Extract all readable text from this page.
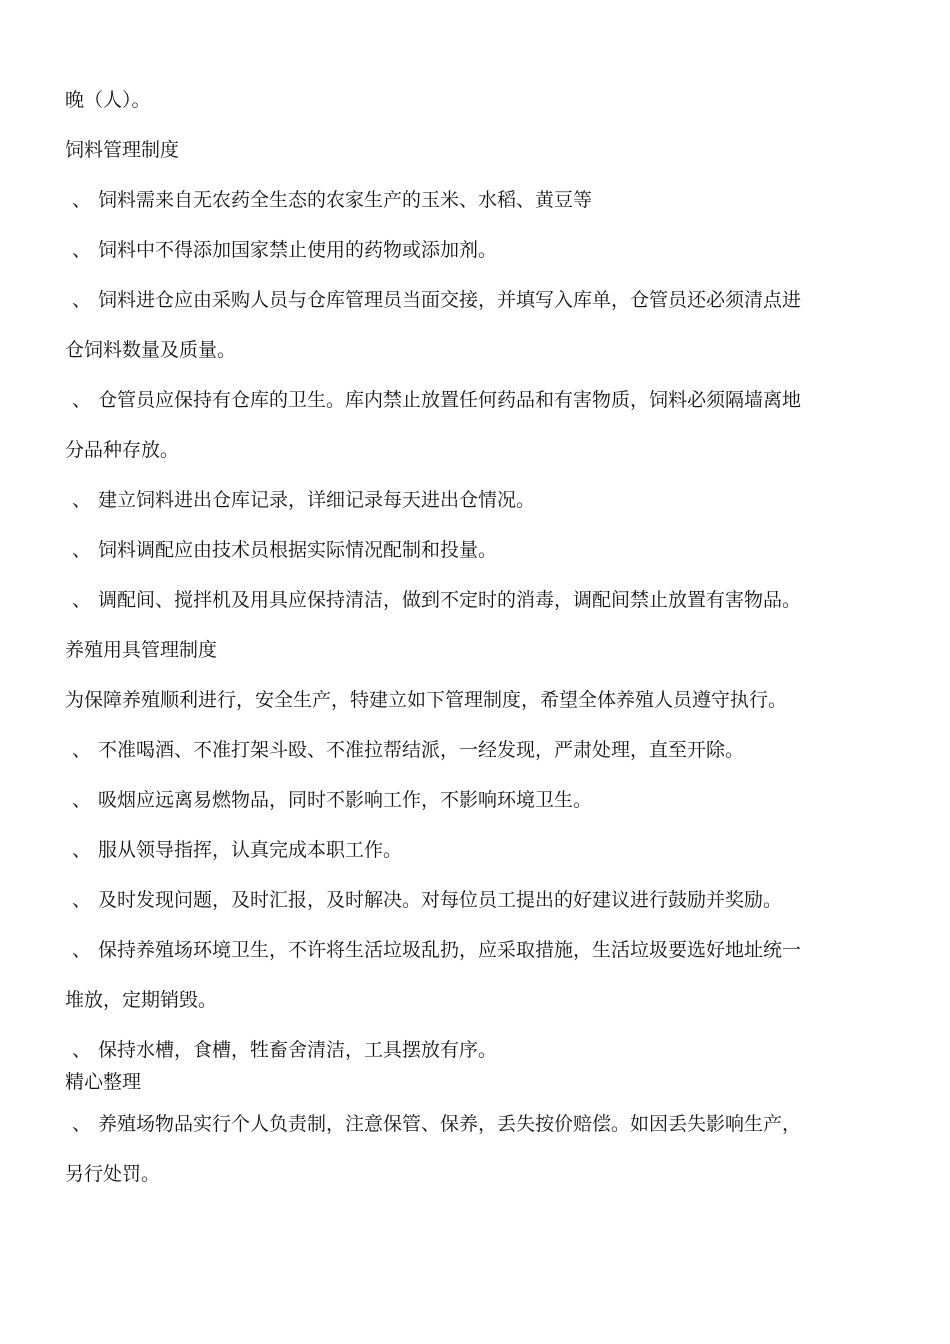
晚（人）。
饲料管理制度
、 饲料需来自无农药全生态的农家生产的玉米、水稻、黄豆等
、 饲料中不得添加国家禁止使用的药物或添加剂。
、 饲料进仓应由采购人员与仓库管理员当面交接，并填写入库单，仓管员还必须清点进
仓饲料数量及质量。
、 仓管员应保持有仓库的卫生。库内禁止放置任何药品和有害物质，饲料必须隔墙离地
分品种存放。
、 建立饲料进出仓库记录，详细记录每天进出仓情况。
、 饲料调配应由技术员根据实际情况配制和投量。
、 调配间、搅拌机及用具应保持清洁，做到不定时的消毒，调配间禁止放置有害物品。
养殖用具管理制度
为保障养殖顺利进行，安全生产，特建立如下管理制度，希望全体养殖人员遵守执行。
、 不准喝酒、不准打架斗殴、不准拉帮结派，一经发现，严肃处理，直至开除。
、 吸烟应远离易燃物品，同时不影响工作，不影响环境卫生。
、 服从领导指挥，认真完成本职工作。
、 及时发现问题，及时汇报，及时解决。对每位员工提出的好建议进行鼓励并奖励。
、 保持养殖场环境卫生，不许将生活垃圾乱扔，应采取措施，生活垃圾要选好地址统一
堆放，定期销毁。
、 保持水槽，食槽，牲畜舍清洁，工具摆放有序。
精心整理
、 养殖场物品实行个人负责制，注意保管、保养，丢失按价赔偿。如因丢失影响生产，
另行处罚。
